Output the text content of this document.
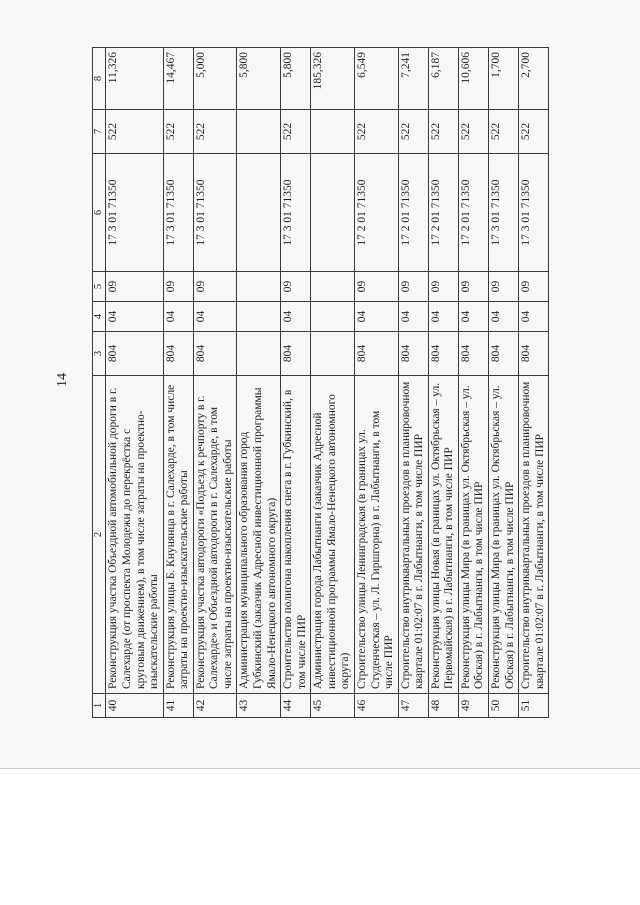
14
1	2	3	4	5	6	7	8
40	Реконструкция участка Объездной автомобильной дороги в г. Салехарде (от проспекта Молодежи до перекрёстка с круговым движением), в том числе затраты на проектно-изыскательские работы	804	04	09	17 3 01 71350	522	11,326
41	Реконструкция улицы Б. Кнунянца в г. Салехарде, в том числе затраты на проектно-изыскательские работы	804	04	09	17 3 01 71350	522	14,467
42	Реконструкция участка автодороги «Подъезд к речпорту в г. Салехарде» и Объездной автодороги в г. Салехарде, в том числе затраты на проектно-изыскательские работы	804	04	09	17 3 01 71350	522	5,000
43	Администрация муниципального образования город Губкинский (заказчик Адресной инвестиционной программы Ямало-Ненецкого автономного округа)						5,800
44	Строительство полигона накопления снега в г. Губкинский, в том числе ПИР	804	04	09	17 3 01 71350	522	5,800
45	Администрация города Лабытнанги (заказчик Адресной инвестиционной программы Ямало-Ненецкого автономного округа)						185,326
46	Строительство улицы Ленинградская (в границах ул. Студенческая – ул. Л. Гиршгорна) в г. Лабытнанги, в том числе ПИР	804	04	09	17 2 01 71350	522	6,549
47	Строительство внутриквартальных проездов в планировочном квартале 01:02:07 в г. Лабытнанги, в том числе ПИР	804	04	09	17 2 01 71350	522	7,241
48	Реконструкция улицы Новая (в границах ул. Октябрьская – ул. Первомайская) в г. Лабытнанги, в том числе ПИР	804	04	09	17 2 01 71350	522	6,187
49	Реконструкция улицы Мира (в границах ул. Октябрьская – ул. Обская) в г. Лабытнанги, в том числе ПИР	804	04	09	17 2 01 71350	522	10,606
50	Реконструкция улицы Мира (в границах ул. Октябрьская – ул. Обская) в г. Лабытнанги, в том числе ПИР	804	04	09	17 3 01 71350	522	1,700
51	Строительство внутриквартальных проездов в планировочном квартале 01:02:07 в г. Лабытнанги, в том числе ПИР	804	04	09	17 3 01 71350	522	2,700
